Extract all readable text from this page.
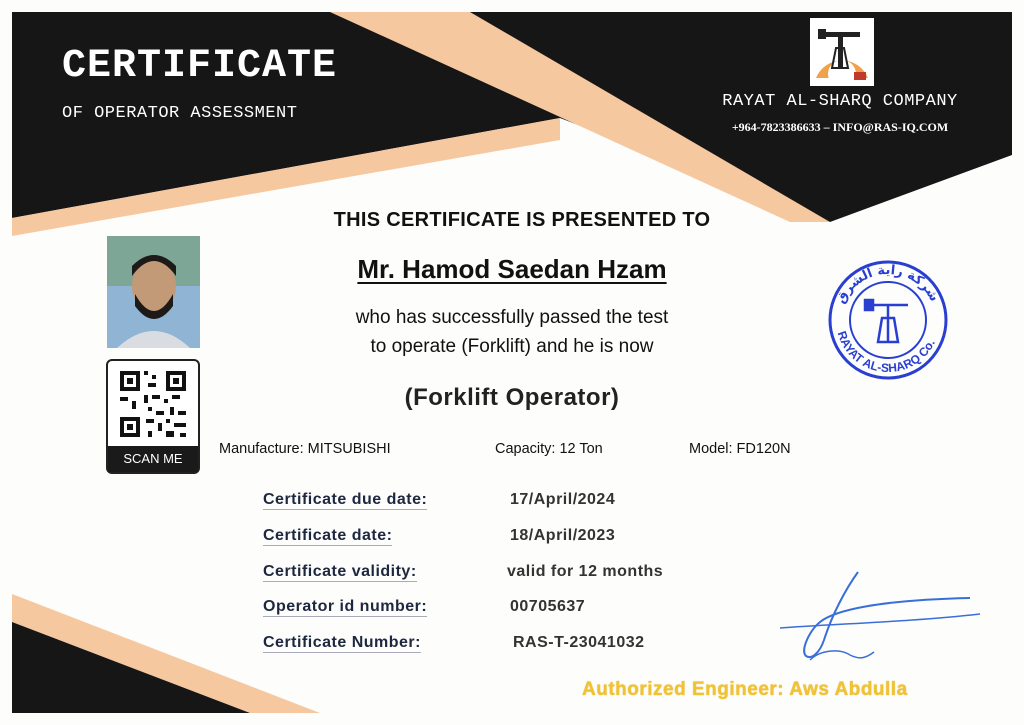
CERTIFICATE
OF OPERATOR ASSESSMENT
RAYAT AL-SHARQ COMPANY
+964-7823386633 – INFO@RAS-IQ.COM
THIS CERTIFICATE IS PRESENTED TO
Mr. Hamod Saedan Hzam
who has successfully passed the test
to operate (Forklift) and he is now
(Forklift Operator)
SCAN ME
Manufacture: MITSUBISHI	Capacity: 12 Ton	Model: FD120N
Certificate due date:	17/April/2024
Certificate date:	18/April/2023
Certificate validity:	valid for 12 months
Operator id number:	00705637
Certificate Number:	RAS-T-23041032
شركة راية الشرق
RAYAT AL-SHARQ Co.
Authorized Engineer: Aws Abdulla
